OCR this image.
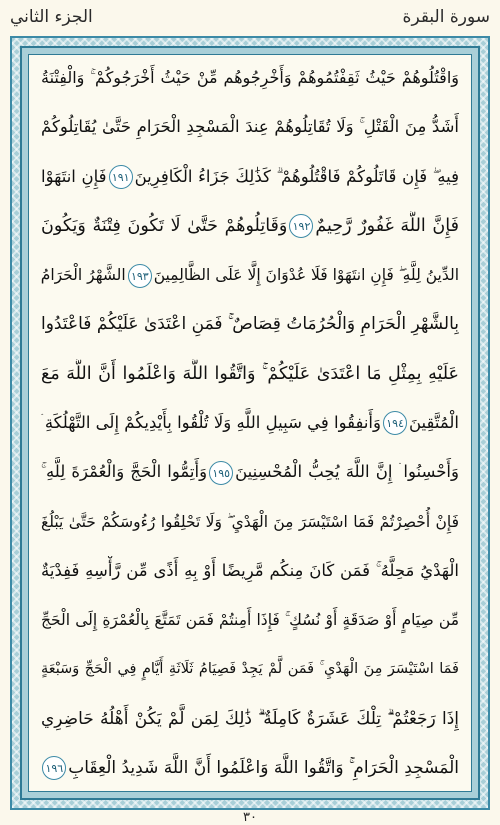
الجزء الثاني	سورة البقرة
وَاقْتُلُوهُمْ حَيْثُ ثَقِفْتُمُوهُمْ وَأَخْرِجُوهُم مِّنْ حَيْثُ أَخْرَجُوكُمْ ۚ وَالْفِتْنَةُ
أَشَدُّ مِنَ الْقَتْلِ ۚ وَلَا تُقَاتِلُوهُمْ عِندَ الْمَسْجِدِ الْحَرَامِ حَتَّىٰ يُقَاتِلُوكُمْ
فِيهِ ۖ فَإِن قَاتَلُوكُمْ فَاقْتُلُوهُمْ ۗ كَذَٰلِكَ جَزَاءُ الْكَافِرِينَ١٩١فَإِنِ انتَهَوْا
فَإِنَّ اللَّهَ غَفُورٌ رَّحِيمٌ١٩٢وَقَاتِلُوهُمْ حَتَّىٰ لَا تَكُونَ فِتْنَةٌ وَيَكُونَ
الدِّينُ لِلَّهِ ۖ فَإِنِ انتَهَوْا فَلَا عُدْوَانَ إِلَّا عَلَى الظَّالِمِينَ١٩٣الشَّهْرُ الْحَرَامُ
بِالشَّهْرِ الْحَرَامِ وَالْحُرُمَاتُ قِصَاصٌ ۚ فَمَنِ اعْتَدَىٰ عَلَيْكُمْ فَاعْتَدُوا
عَلَيْهِ بِمِثْلِ مَا اعْتَدَىٰ عَلَيْكُمْ ۚ وَاتَّقُوا اللَّهَ وَاعْلَمُوا أَنَّ اللَّهَ مَعَ
الْمُتَّقِينَ١٩٤وَأَنفِقُوا فِي سَبِيلِ اللَّهِ وَلَا تُلْقُوا بِأَيْدِيكُمْ إِلَى التَّهْلُكَةِ ۛ
وَأَحْسِنُوا ۛ إِنَّ اللَّهَ يُحِبُّ الْمُحْسِنِينَ١٩٥وَأَتِمُّوا الْحَجَّ وَالْعُمْرَةَ لِلَّهِ ۚ
فَإِنْ أُحْصِرْتُمْ فَمَا اسْتَيْسَرَ مِنَ الْهَدْيِ ۖ وَلَا تَحْلِقُوا رُءُوسَكُمْ حَتَّىٰ يَبْلُغَ
الْهَدْيُ مَحِلَّهُ ۚ فَمَن كَانَ مِنكُم مَّرِيضًا أَوْ بِهِ أَذًى مِّن رَّأْسِهِ فَفِدْيَةٌ
مِّن صِيَامٍ أَوْ صَدَقَةٍ أَوْ نُسُكٍ ۚ فَإِذَا أَمِنتُمْ فَمَن تَمَتَّعَ بِالْعُمْرَةِ إِلَى الْحَجِّ
فَمَا اسْتَيْسَرَ مِنَ الْهَدْيِ ۚ فَمَن لَّمْ يَجِدْ فَصِيَامُ ثَلَاثَةِ أَيَّامٍ فِي الْحَجِّ وَسَبْعَةٍ
إِذَا رَجَعْتُمْ ۗ تِلْكَ عَشَرَةٌ كَامِلَةٌ ۗ ذَٰلِكَ لِمَن لَّمْ يَكُنْ أَهْلُهُ حَاضِرِي
الْمَسْجِدِ الْحَرَامِ ۚ وَاتَّقُوا اللَّهَ وَاعْلَمُوا أَنَّ اللَّهَ شَدِيدُ الْعِقَابِ١٩٦
٣٠
